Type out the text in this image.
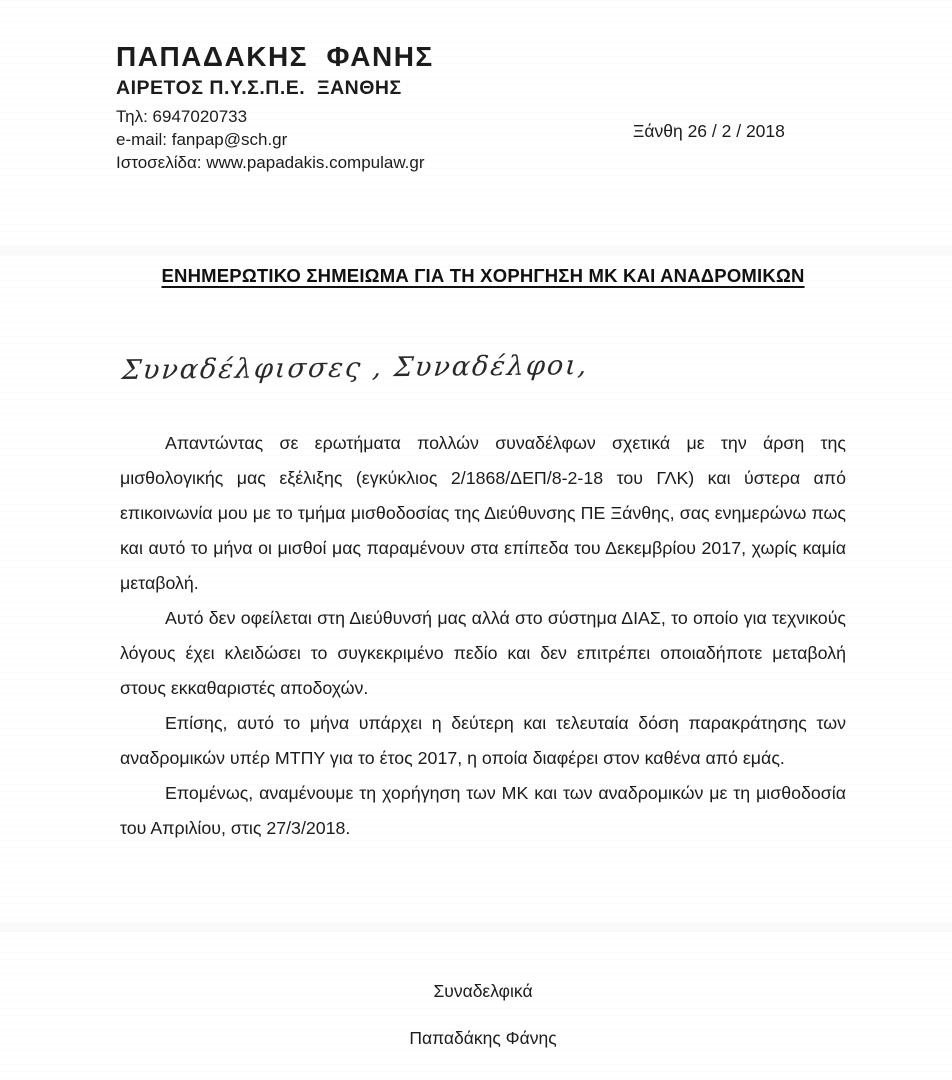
ΠΑΠΑΔΑΚΗΣ  ΦΑΝΗΣ
ΑΙΡΕΤΟΣ Π.Υ.Σ.Π.Ε.  ΞΑΝΘΗΣ
Τηλ: 6947020733
e-mail: fanpap@sch.gr
Ιστοσελίδα: www.papadakis.compulaw.gr
Ξάνθη 26 / 2 / 2018
ΕΝΗΜΕΡΩΤΙΚΟ ΣΗΜΕΙΩΜΑ ΓΙΑ ΤΗ ΧΟΡΗΓΗΣΗ ΜΚ ΚΑΙ ΑΝΑΔΡΟΜΙΚΩΝ
Συναδέλφισσες , Συναδέλφοι,

Απαντώντας σε ερωτήματα πολλών συναδέλφων σχετικά με την άρση της μισθολογικής μας εξέλιξης (εγκύκλιος 2/1868/ΔΕΠ/8-2-18 του ΓΛΚ) και ύστερα από επικοινωνία μου με το τμήμα μισθοδοσίας της Διεύθυνσης ΠΕ Ξάνθης, σας ενημερώνω πως και αυτό το μήνα οι μισθοί μας παραμένουν στα επίπεδα του Δεκεμβρίου 2017, χωρίς καμία μεταβολή.

Αυτό δεν οφείλεται στη Διεύθυνσή μας αλλά στο σύστημα ΔΙΑΣ, το οποίο για τεχνικούς λόγους έχει κλειδώσει το συγκεκριμένο πεδίο και δεν επιτρέπει οποιαδήποτε μεταβολή στους εκκαθαριστές αποδοχών.

Επίσης, αυτό το μήνα υπάρχει η δεύτερη και τελευταία δόση παρακράτησης των αναδρομικών υπέρ ΜΤΠΥ για το έτος 2017, η οποία διαφέρει στον καθένα από εμάς.

Επομένως, αναμένουμε τη χορήγηση των ΜΚ και των αναδρομικών με τη μισθοδοσία του Απριλίου, στις 27/3/2018.

Συναδελφικά
Παπαδάκης Φάνης
